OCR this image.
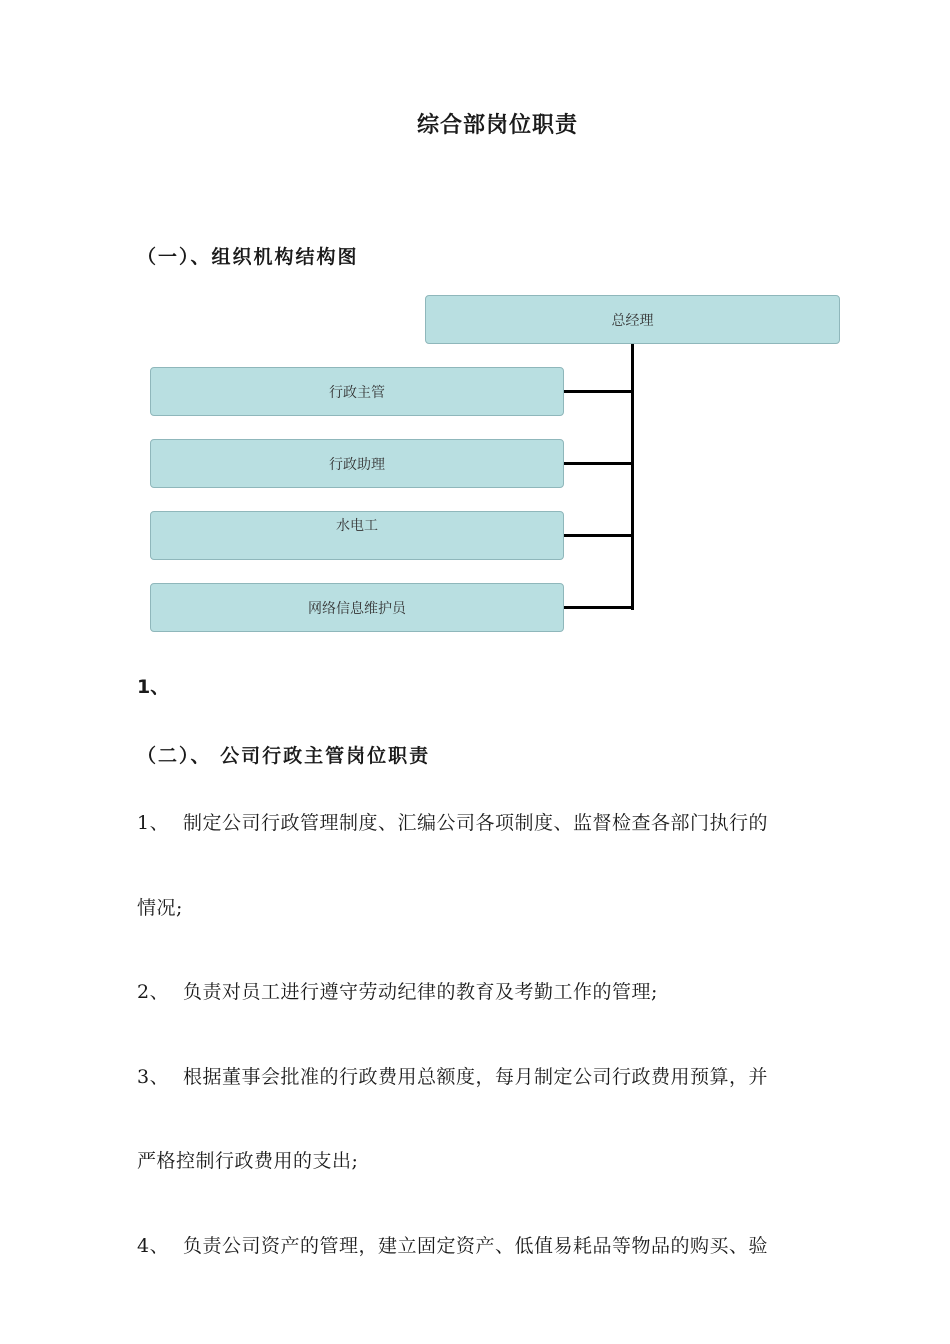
综合部岗位职责
（一）、组织机构结构图
总经理
行政主管
行政助理
水电工
网络信息维护员
1、
（二）、 公司行政主管岗位职责
1、 制定公司行政管理制度、汇编公司各项制度、监督检查各部门执行的
情况;
2、 负责对员工进行遵守劳动纪律的教育及考勤工作的管理;
3、 根据董事会批准的行政费用总额度，每月制定公司行政费用预算，并
严格控制行政费用的支出;
4、 负责公司资产的管理，建立固定资产、低值易耗品等物品的购买、验
